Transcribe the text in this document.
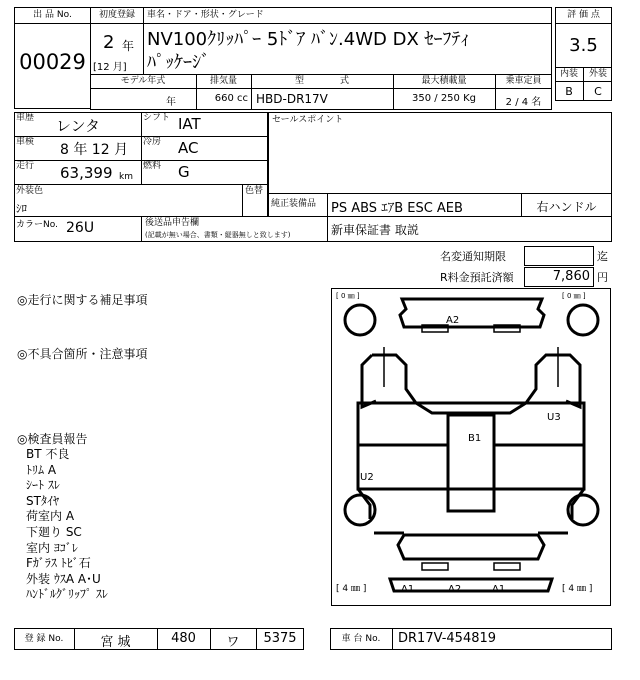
出 品 No.
00029
初度登録
2 年
[12 月]
車名・ドア・形状・グレード
NV100ｸﾘｯﾊﾟｰ 5ﾄﾞｱ ﾊﾞﾝ.4WD DX ｾｰﾌﾃｨ
ﾊﾟｯｹｰｼﾞ
評 価 点
3.5
内装	外装
B	C
モデル年式	排気量	型　　　　式	最大積載量	乗車定員
年	660 cc HBD-DR17V	350 / 250 Kg	2 / 4 名
車歴 レンタ	シフト IAT
車検 8 年 12 月 冷房 AC
走行 63,399 km
燃料 G
セールスポイント
外装色
ｼﾛ
色替
純正装備品 PS ABS ｴｱB ESC AEB	右ハンドル
カラーNo. 26U	後送品申告欄
(記載が無い場合、書類・縦器無しと致します)	新車保証書 取説
名変通知期限	迄
R料金預託済額	7,860 円
◎走行に関する補足事項
◎不具合箇所・注意事項
◎検査員報告
BT 不良
ﾄﾘﾑ A
ｼｰﾄ ｽﾚ
STﾀｲﾔ
荷室内 A
下廻り SC
室内 ﾖｺﾞﾚ
Fｶﾞﾗｽ ﾄﾋﾞ石
外装 ｳｽA A･U
ﾊﾝﾄﾞﾙｸﾞﾘｯﾌﾟ ｽﾚ
[ 0 ㎜ ]	[ 0 ㎜ ]
[ 4 ㎜ ]	[ 4 ㎜ ]
A2
U3
B1
U2
A1	A2	A1
登 録 No.	宮 城	480	ワ	5375	車 台 No.	DR17V-454819
